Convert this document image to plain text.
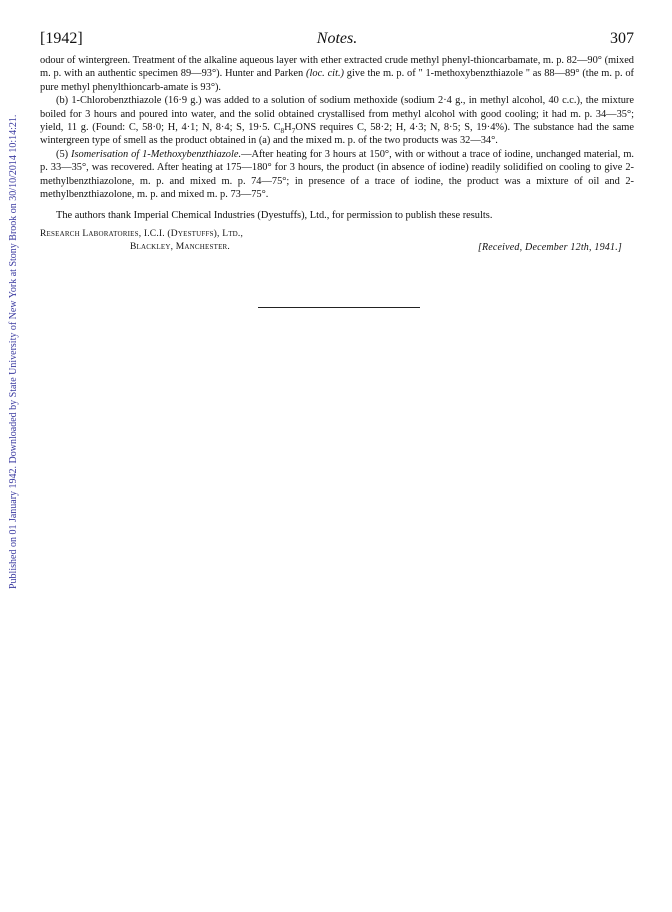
Published on 01 January 1942. Downloaded by State University of New York at Stony Brook on 30/10/2014 10:14:21.
[1942]	Notes.	307

odour of wintergreen. Treatment of the alkaline aqueous layer with ether extracted crude methyl phenyl-thioncarbamate, m. p. 82—90° (mixed m. p. with an authentic specimen 89—93°). Hunter and Parken (loc. cit.) give the m. p. of " 1-methoxybenzthiazole " as 88—89° (the m. p. of pure methyl phenylthioncarb-amate is 93°).

(b) 1-Chlorobenzthiazole (16·9 g.) was added to a solution of sodium methoxide (sodium 2·4 g., in methyl alcohol, 40 c.c.), the mixture boiled for 3 hours and poured into water, and the solid obtained crystallised from methyl alcohol with good cooling; it had m. p. 34—35°; yield, 11 g. (Found: C, 58·0; H, 4·1; N, 8·4; S, 19·5. $C_8H_7ONS$ requires C, 58·2; H, 4·3; N, 8·5; S, 19·4%). The substance had the same wintergreen type of smell as the product obtained in (a) and the mixed m. p. of the two products was 32—34°.

(5) Isomerisation of 1-Methoxybenzthiazole.—After heating for 3 hours at 150°, with or without a trace of iodine, unchanged material, m. p. 33—35°, was recovered. After heating at 175—180° for 3 hours, the product (in absence of iodine) readily solidified on cooling to give 2-methylbenzthiazolone, m. p. and mixed m. p. 74—75°; in presence of a trace of iodine, the product was a mixture of oil and 2-methylbenzthiazolone, m. p. and mixed m. p. 73—75°.

The authors thank Imperial Chemical Industries (Dyestuffs), Ltd., for permission to publish these results.

Research Laboratories, I.C.I. (Dyestuffs), Ltd.,
Blackley, Manchester.	[Received, December 12th, 1941.]
